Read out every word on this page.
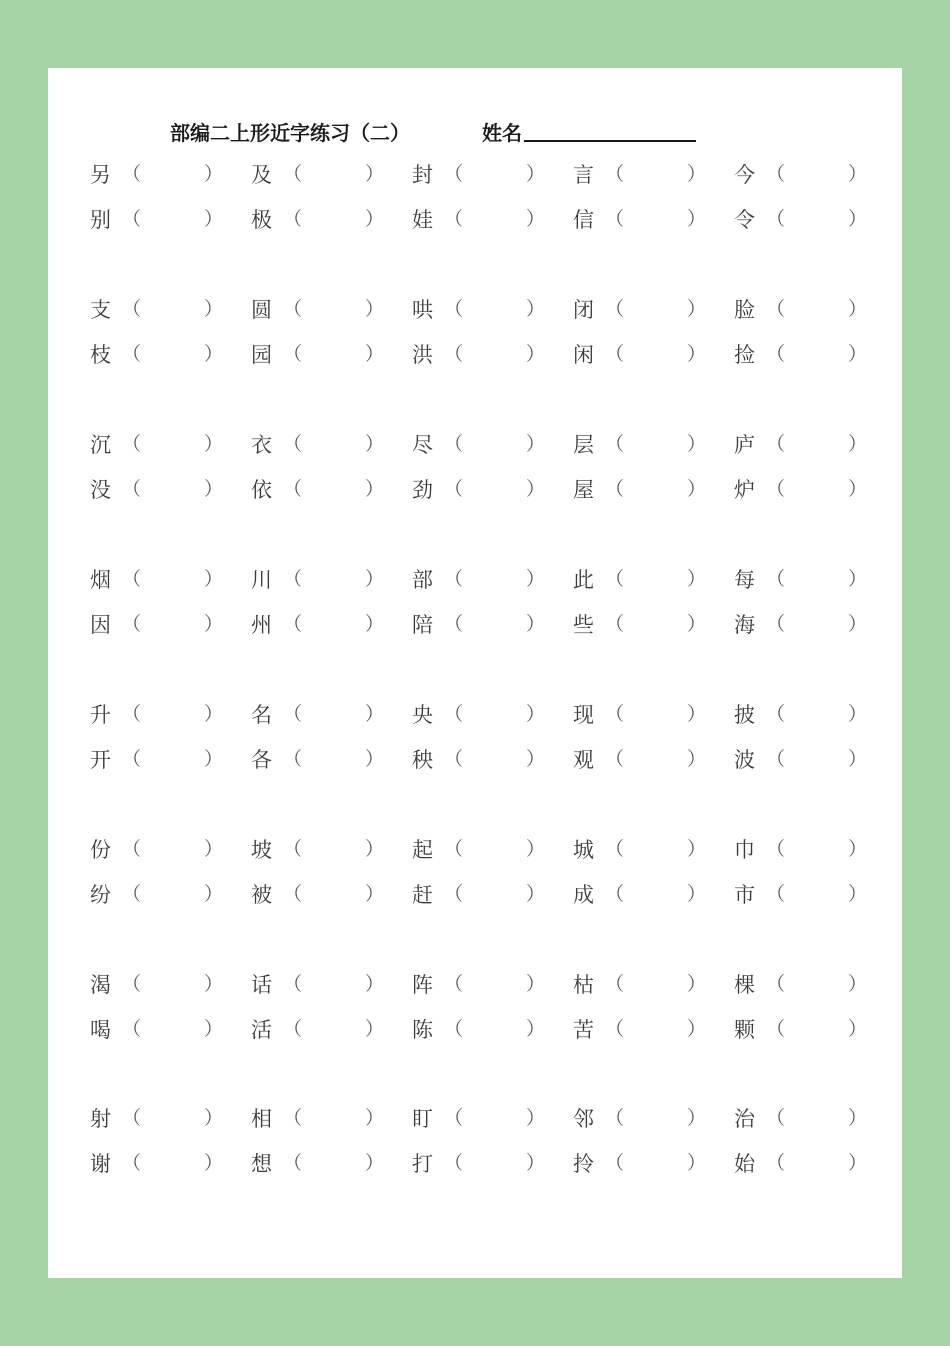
部编二上形近字练习（二）	姓名
另 （	） 及 （	） 封 （	） 言 （	） 今 （	）
别 （	） 极 （	） 娃 （	） 信 （	） 令 （	）
支 （	） 圆 （	） 哄 （	） 闭 （	） 脸 （	）
枝 （	） 园 （	） 洪 （	） 闲 （	） 捡 （	）
沉 （	） 衣 （	） 尽 （	） 层 （	） 庐 （	）
没 （	） 依 （	） 劲 （	） 屋 （	） 炉 （	）
烟 （	） 川 （	） 部 （	） 此 （	） 每 （	）
因 （	） 州 （	） 陪 （	） 些 （	） 海 （	）
升 （	） 名 （	） 央 （	） 现 （	） 披 （	）
开 （	） 各 （	） 秧 （	） 观 （	） 波 （	）
份 （	） 坡 （	） 起 （	） 城 （	） 巾 （	）
纷 （	） 被 （	） 赶 （	） 成 （	） 市 （	）
渴 （	） 话 （	） 阵 （	） 枯 （	） 棵 （	）
喝 （	） 活 （	） 陈 （	） 苦 （	） 颗 （	）
射 （	） 相 （	） 盯 （	） 邻 （	） 治 （	）
谢 （	） 想 （	） 打 （	） 拎 （	） 始 （	）
